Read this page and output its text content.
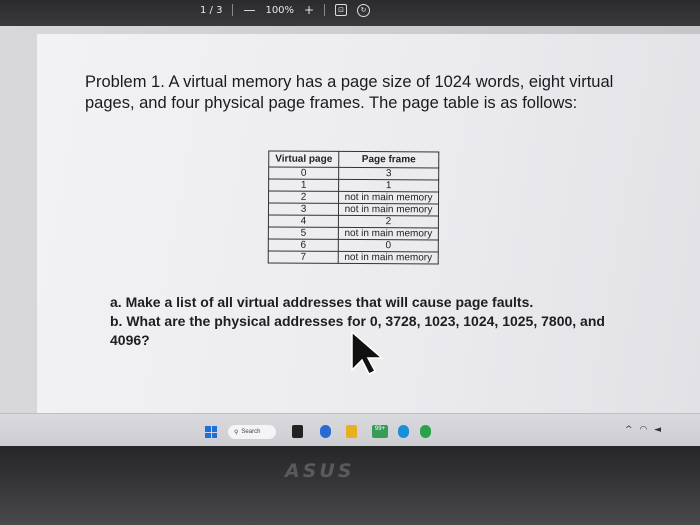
1 / 3 — 100% +	⊡	↻
Problem 1. A virtual memory has a page size of 1024 words, eight virtual pages, and four physical page frames. The page table is as follows:
Virtual page	Page frame
0	3
1	1
2	not in main memory
3	not in main memory
4	2
5	not in main memory
6	0
7	not in main memory
a. Make a list of all virtual addresses that will cause page faults.
b. What are the physical addresses for 0, 3728, 1023, 1024, 1025, 7800, and 4096?
⚲ Search	99+	^ ◠ ◄
ASUS
